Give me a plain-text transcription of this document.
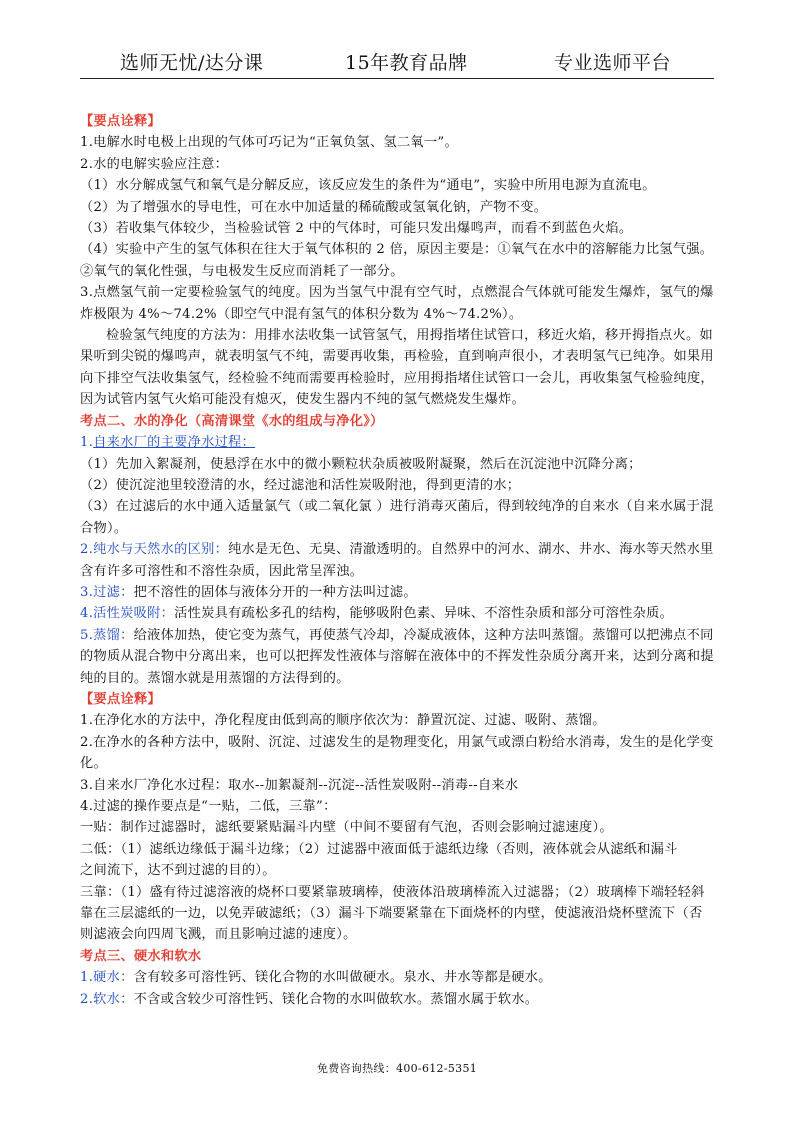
选师无忧/达分课	15年教育品牌	专业选师平台

【要点诠释】

1.电解水时电极上出现的气体可巧记为“正氧负氢、氢二氧一”。

2.水的电解实验应注意：

（1）水分解成氢气和氧气是分解反应，该反应发生的条件为“通电”，实验中所用电源为直流电。

（2）为了增强水的导电性，可在水中加适量的稀硫酸或氢氧化钠，产物不变。

（3）若收集气体较少，当检验试管 2 中的气体时，可能只发出爆鸣声，而看不到蓝色火焰。

（4）实验中产生的氢气体积在往大于氧气体积的 2 倍，原因主要是：①氧气在水中的溶解能力比氢气强。②氧气的氧化性强，与电极发生反应而消耗了一部分。

3.点燃氢气前一定要检验氢气的纯度。因为当氢气中混有空气时，点燃混合气体就可能发生爆炸，氢气的爆炸极限为 4%～74.2%（即空气中混有氢气的体积分数为 4%～74.2%）。

检验氢气纯度的方法为：用排水法收集一试管氢气，用拇指堵住试管口，移近火焰，移开拇指点火。如果听到尖锐的爆鸣声，就表明氢气不纯，需要再收集，再检验，直到响声很小，才表明氢气已纯净。如果用向下排空气法收集氢气，经检验不纯而需要再检验时，应用拇指堵住试管口一会儿，再收集氢气检验纯度，因为试管内氢气火焰可能没有熄灭，使发生器内不纯的氢气燃烧发生爆炸。

考点二、水的净化（高清课堂《水的组成与净化》）

1.自来水厂的主要净水过程：

（1）先加入絮凝剂，使悬浮在水中的微小颗粒状杂质被吸附凝聚，然后在沉淀池中沉降分离；

（2）使沉淀池里较澄清的水，经过滤池和活性炭吸附池，得到更清的水；

（3）在过滤后的水中通入适量氯气（或二氧化氯 ）进行消毒灭菌后，得到较纯净的自来水（自来水属于混合物）。

2.纯水与天然水的区别：纯水是无色、无臭、清澈透明的。自然界中的河水、湖水、井水、海水等天然水里含有许多可溶性和不溶性杂质，因此常呈浑浊。

3.过滤：把不溶性的固体与液体分开的一种方法叫过滤。

4.活性炭吸附：活性炭具有疏松多孔的结构，能够吸附色素、异味、不溶性杂质和部分可溶性杂质。

5.蒸馏：给液体加热，使它变为蒸气，再使蒸气冷却，冷凝成液体，这种方法叫蒸馏。蒸馏可以把沸点不同的物质从混合物中分离出来，也可以把挥发性液体与溶解在液体中的不挥发性杂质分离开来，达到分离和提纯的目的。蒸馏水就是用蒸馏的方法得到的。

【要点诠释】

1.在净化水的方法中，净化程度由低到高的顺序依次为：静置沉淀、过滤、吸附、蒸馏。

2.在净水的各种方法中，吸附、沉淀、过滤发生的是物理变化，用氯气或漂白粉给水消毒，发生的是化学变化。

3.自来水厂净化水过程：取水--加絮凝剂--沉淀--活性炭吸附--消毒--自来水

4.过滤的操作要点是“一贴，二低，三靠”：

一贴：制作过滤器时，滤纸要紧贴漏斗内壁（中间不要留有气泡，否则会影响过滤速度）。

二低：（1）滤纸边缘低于漏斗边缘；（2）过滤器中液面低于滤纸边缘（否则，液体就会从滤纸和漏斗

之间流下，达不到过滤的目的）。

三靠：（1）盛有待过滤溶液的烧杯口要紧靠玻璃棒，使液体沿玻璃棒流入过滤器；（2）玻璃棒下端轻轻斜靠在三层滤纸的一边，以免弄破滤纸；（3）漏斗下端要紧靠在下面烧杯的内壁，使滤液沿烧杯壁流下（否则滤液会向四周飞溅，而且影响过滤的速度）。

考点三、硬水和软水

1.硬水：含有较多可溶性钙、镁化合物的水叫做硬水。泉水、井水等都是硬水。

2.软水：不含或含较少可溶性钙、镁化合物的水叫做软水。蒸馏水属于软水。

免费咨询热线：400-612-5351
